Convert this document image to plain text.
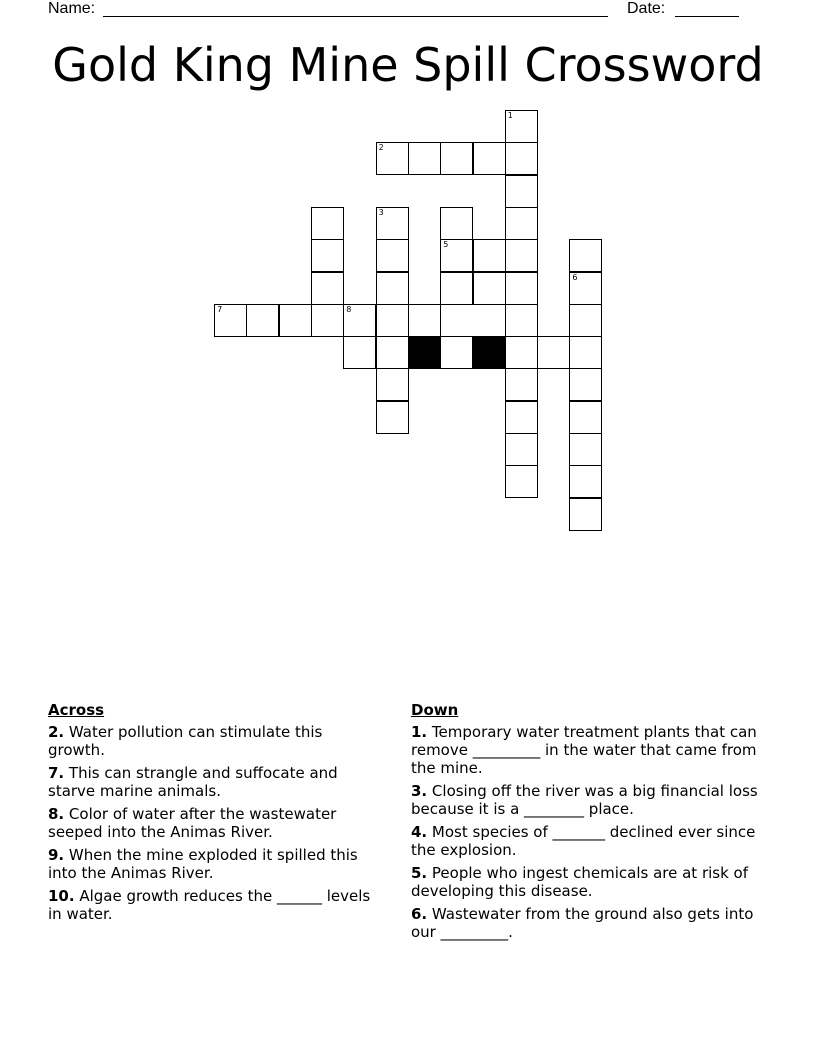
Name:	Date:
Gold King Mine Spill Crossword
1
2
3
7	8
5
6
Across
2. Water pollution can stimulate this growth.
7. This can strangle and suffocate and starve marine animals.
8. Color of water after the wastewater seeped into the Animas River.
9. When the mine exploded it spilled this into the Animas River.
10. Algae growth reduces the ______ levels in water.
Down
1. Temporary water treatment plants that can remove _________ in the water that came from the mine.
3. Closing off the river was a big financial loss because it is a ________ place.
4. Most species of _______ declined ever since the explosion.
5. People who ingest chemicals are at risk of developing this disease.
6. Wastewater from the ground also gets into our _________.
